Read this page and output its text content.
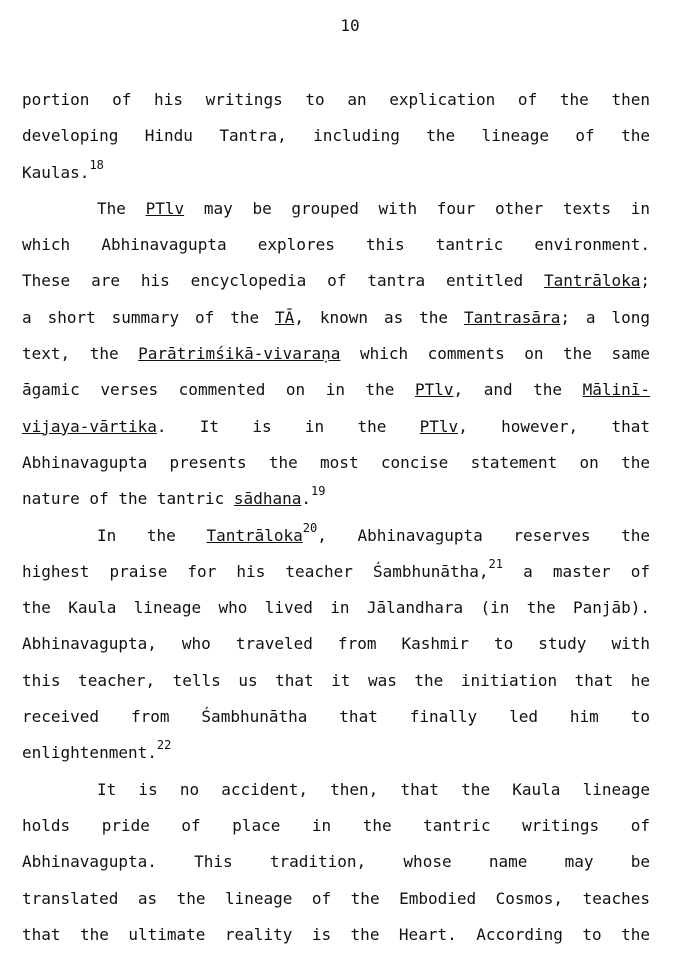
10
portion of his writings to an explication of the then
developing Hindu Tantra, including the lineage of the
Kaulas.$^{18}$
The PTlv may be grouped with four other texts in
which Abhinavagupta explores this tantric environment.
These are his encyclopedia of tantra entitled Tantrāloka;
a short summary of the TĀ, known as the Tantrasāra; a long
text, the Parātrimśikā-vivaraṇa which comments on the same
āgamic verses commented on in the PTlv, and the Mālinī-
vijaya-vārtika. It is in the PTlv, however, that
Abhinavagupta presents the most concise statement on the
nature of the tantric sādhana.$^{19}$
In the Tantrāloka$^{20}$, Abhinavagupta reserves the
highest praise for his teacher Śambhunātha,$^{21}$ a master of
the Kaula lineage who lived in Jālandhara (in the Panjāb).
Abhinavagupta, who traveled from Kashmir to study with
this teacher, tells us that it was the initiation that he
received from Śambhunātha that finally led him to
enlightenment.$^{22}$
It is no accident, then, that the Kaula lineage
holds pride of place in the tantric writings of
Abhinavagupta. This tradition, whose name may be
translated as the lineage of the Embodied Cosmos, teaches
that the ultimate reality is the Heart. According to the
